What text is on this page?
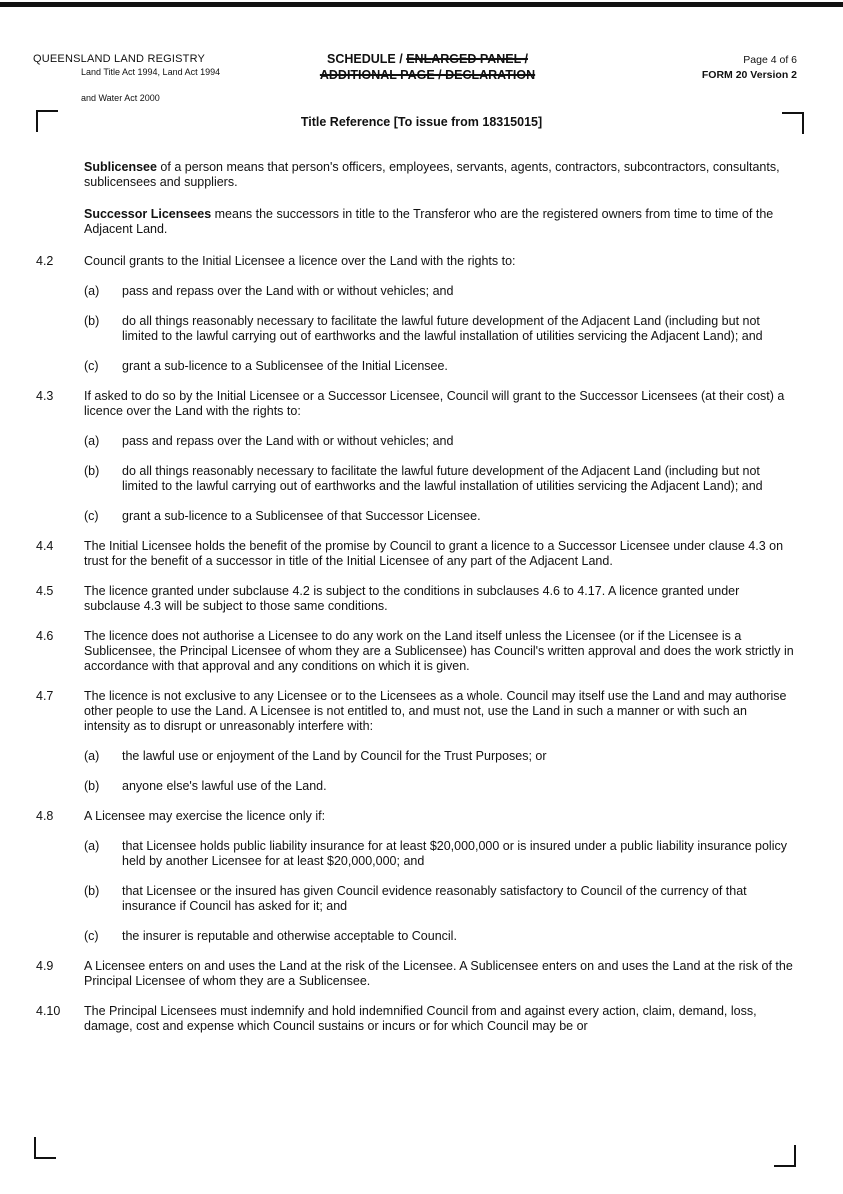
QUEENSLAND LAND REGISTRY
Land Title Act 1994, Land Act 1994
and Water Act 2000
SCHEDULE / ENLARGED PANEL /
ADDITIONAL PAGE / DECLARATION
Page 4 of 6
FORM 20 Version 2
Title Reference [To issue from 18315015]
Sublicensee of a person means that person's officers, employees, servants, agents, contractors, subcontractors, consultants, sublicensees and suppliers.
Successor Licensees means the successors in title to the Transferor who are the registered owners from time to time of the Adjacent Land.
4.2	Council grants to the Initial Licensee a licence over the Land with the rights to:
(a)	pass and repass over the Land with or without vehicles; and
(b)	do all things reasonably necessary to facilitate the lawful future development of the Adjacent Land (including but not limited to the lawful carrying out of earthworks and the lawful installation of utilities servicing the Adjacent Land); and
(c)	grant a sub-licence to a Sublicensee of the Initial Licensee.
4.3	If asked to do so by the Initial Licensee or a Successor Licensee, Council will grant to the Successor Licensees (at their cost) a licence over the Land with the rights to:
(a)	pass and repass over the Land with or without vehicles; and
(b)	do all things reasonably necessary to facilitate the lawful future development of the Adjacent Land (including but not limited to the lawful carrying out of earthworks and the lawful installation of utilities servicing the Adjacent Land); and
(c)	grant a sub-licence to a Sublicensee of that Successor Licensee.
4.4	The Initial Licensee holds the benefit of the promise by Council to grant a licence to a Successor Licensee under clause 4.3 on trust for the benefit of a successor in title of the Initial Licensee of any part of the Adjacent Land.
4.5	The licence granted under subclause 4.2 is subject to the conditions in subclauses 4.6 to 4.17. A licence granted under subclause 4.3 will be subject to those same conditions.
4.6	The licence does not authorise a Licensee to do any work on the Land itself unless the Licensee (or if the Licensee is a Sublicensee, the Principal Licensee of whom they are a Sublicensee) has Council's written approval and does the work strictly in accordance with that approval and any conditions on which it is given.
4.7	The licence is not exclusive to any Licensee or to the Licensees as a whole. Council may itself use the Land and may authorise other people to use the Land. A Licensee is not entitled to, and must not, use the Land in such a manner or with such an intensity as to disrupt or unreasonably interfere with:
(a)	the lawful use or enjoyment of the Land by Council for the Trust Purposes; or
(b)	anyone else's lawful use of the Land.
4.8	A Licensee may exercise the licence only if:
(a)	that Licensee holds public liability insurance for at least $20,000,000 or is insured under a public liability insurance policy held by another Licensee for at least $20,000,000; and
(b)	that Licensee or the insured has given Council evidence reasonably satisfactory to Council of the currency of that insurance if Council has asked for it; and
(c)	the insurer is reputable and otherwise acceptable to Council.
4.9	A Licensee enters on and uses the Land at the risk of the Licensee. A Sublicensee enters on and uses the Land at the risk of the Principal Licensee of whom they are a Sublicensee.
4.10	The Principal Licensees must indemnify and hold indemnified Council from and against every action, claim, demand, loss, damage, cost and expense which Council sustains or incurs or for which Council may be or
